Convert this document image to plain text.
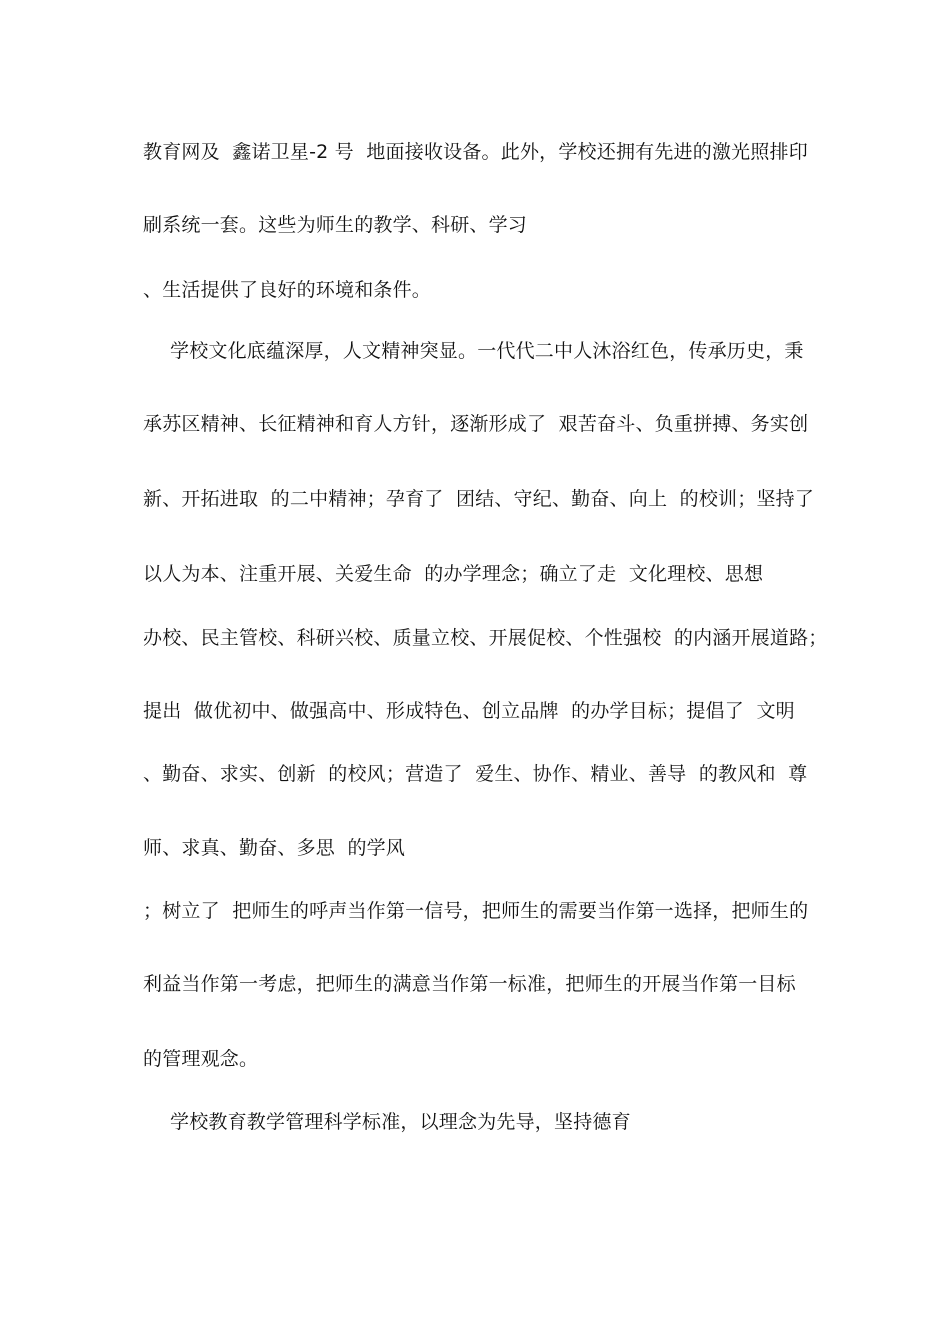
教育网及  鑫诺卫星-2 号  地面接收设备。此外，学校还拥有先进的激光照排印
刷系统一套。这些为师生的教学、科研、学习
、生活提供了良好的环境和条件。
学校文化底蕴深厚，人文精神突显。一代代二中人沐浴红色，传承历史，秉
承苏区精神、长征精神和育人方针，逐渐形成了  艰苦奋斗、负重拼搏、务实创
新、开拓进取  的二中精神；孕育了  团结、守纪、勤奋、向上  的校训；坚持了
以人为本、注重开展、关爱生命  的办学理念；确立了走  文化理校、思想
办校、民主管校、科研兴校、质量立校、开展促校、个性强校  的内涵开展道路；
提出  做优初中、做强高中、形成特色、创立品牌  的办学目标；提倡了  文明
、勤奋、求实、创新  的校风；营造了  爱生、协作、精业、善导  的教风和  尊
师、求真、勤奋、多思  的学风
；树立了  把师生的呼声当作第一信号，把师生的需要当作第一选择，把师生的
利益当作第一考虑，把师生的满意当作第一标准，把师生的开展当作第一目标
的管理观念。
学校教育教学管理科学标准，以理念为先导，坚持德育
